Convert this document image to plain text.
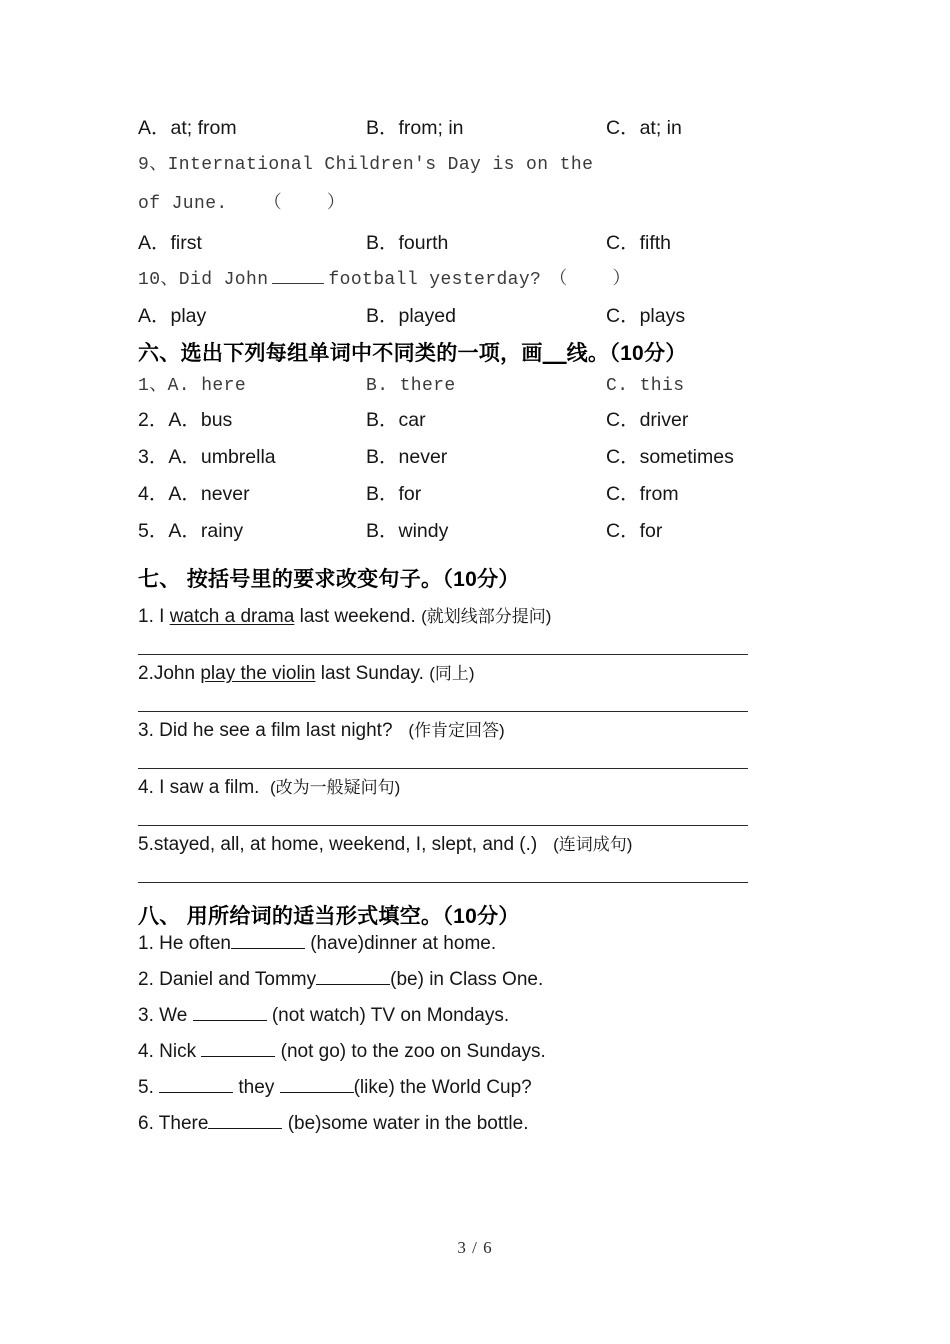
A．at; from	B．from; in	C．at; in
9、International Children's Day is on the
of June. （    ）
A．first	B．fourth	C．fifth
10、Did John	football yesterday? （    ）
A．play	B．played	C．plays
六、选出下列每组单词中不同类的一项，画__线。（10分）
1、A. here	B. there	C. this
2．A．bus	B．car	C．driver
3．A．umbrella	B．never	C．sometimes
4．A．never	B．for	C．from
5．A．rainy	B．windy	C．for
七、 按括号里的要求改变句子。（10分）
1. I watch a drama last weekend. (就划线部分提问)
2.John play the violin last Sunday. (同上)
3. Did he see a film last night? (作肯定回答)
4. I saw a film. (改为一般疑问句)
5.stayed, all, at home, weekend, I, slept, and (.) (连词成句)
八、 用所给词的适当形式填空。（10分）
1. He often	(have)dinner at home.
2. Daniel and Tommy	(be) in Class One.
3. We	(not watch) TV on Mondays.
4. Nick	(not go) to the zoo on Sundays.
5.	they	(like) the World Cup?
6. There	(be)some water in the bottle.
3 / 6
